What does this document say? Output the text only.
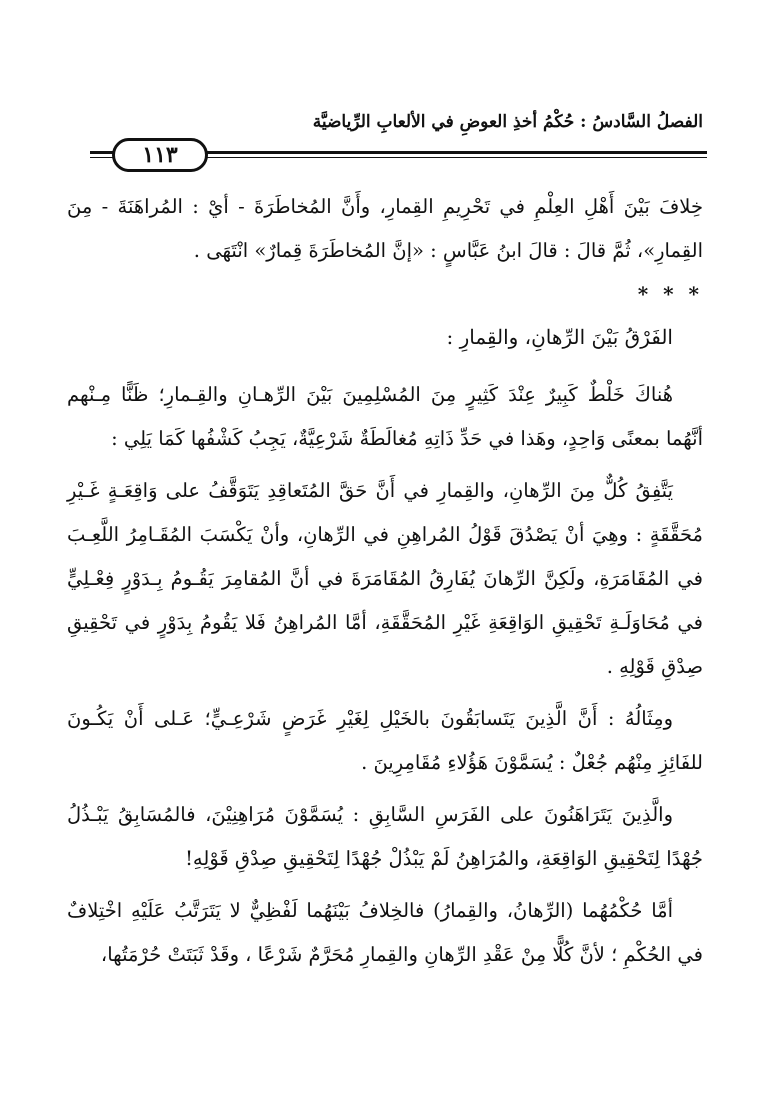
الفصلُ السَّادسُ : حُكْمُ أخذِ العوضِ في الألعابِ الرِّياضيَّة
١١٣

خِلافَ بَيْنَ أَهْلِ العِلْمِ في تَحْرِيمِ القِمارِ، وأَنَّ المُخاطَرَةَ - أيْ : المُراهَنَةَ - مِنَ القِمارِ»، ثُمَّ قالَ : قالَ ابنُ عَبَّاسٍ : «إنَّ المُخاطَرَةَ قِمارٌ» انْتَهَى .

* * *

الفَرْقُ بَيْنَ الرِّهانِ، والقِمارِ :

هُناكَ خَلْطٌ كَبِيرٌ عِنْدَ كَثِيرٍ مِنَ المُسْلِمِينَ بَيْنَ الرِّهـانِ والقِـمارِ؛ ظَنًّا مِـنْهم أنَّهُما بمعنًى وَاحِدٍ، وهَذا في حَدِّ ذَاتِهِ مُغالَطَةٌ شَرْعِيَّةٌ، يَجِبُ كَشْفُها كَمَا يَلِي :

يَتَّفِقُ كُلٌّ مِنَ الرِّهانِ، والقِمارِ في أَنَّ حَقَّ المُتَعاقِدِ يَتَوَقَّفُ على وَاقِعَـةٍ غَـيْرِ مُحَقَّقَةٍ : وهِيَ أنْ يَصْدُقَ قَوْلُ المُراهِنِ في الرِّهانِ، وأنْ يَكْسَبَ المُقَـامِرُ اللَّعِـبَ في المُقَامَرَةِ، ولَكِنَّ الرِّهانَ يُفَارِقُ المُقَامَرَةَ في أنَّ المُقامِرَ يَقُـومُ بِـدَوْرٍ فِعْـلِيٍّ في مُحَاوَلَـةِ تَحْقِيقِ الوَاقِعَةِ غَيْرِ المُحَقَّقَةِ، أمَّا المُراهِنُ فَلا يَقُومُ بِدَوْرٍ في تَحْقِيقِ صِدْقِ قَوْلِهِ .

ومِثَالُهُ : أَنَّ الَّذِينَ يَتَسابَقُونَ بالخَيْلِ لِغَيْرِ غَرَضٍ شَرْعِـيٍّ؛ عَـلى أَنْ يَكُـونَ للفَائِزِ مِنْهُم جُعْلٌ : يُسَمَّوْنَ هَؤُلاءِ مُقَامِرِينَ .

والَّذِينَ يَتَرَاهَنُونَ على الفَرَسِ السَّابِقِ : يُسَمَّوْنَ مُرَاهِنِيْنَ، فالمُسَابِقُ يَبْـذُلُ جُهْدًا لِتَحْقِيقِ الوَاقِعَةِ، والمُرَاهِنُ لَمْ يَبْذُلْ جُهْدًا لِتَحْقِيقِ صِدْقِ قَوْلِهِ!

أمَّا حُكْمُهُما (الرِّهانُ، والقِمارُ) فالخِلافُ بَيْنَهُما لَفْظِيٌّ لا يَتَرَتَّبُ عَلَيْهِ اخْتِلافٌ في الحُكْمِ ؛ لأنَّ كُلًّا مِنْ عَقْدِ الرِّهانِ والقِمارِ مُحَرَّمٌ شَرْعًا ، وقَدْ ثَبَتَتْ حُرْمَتُها،
